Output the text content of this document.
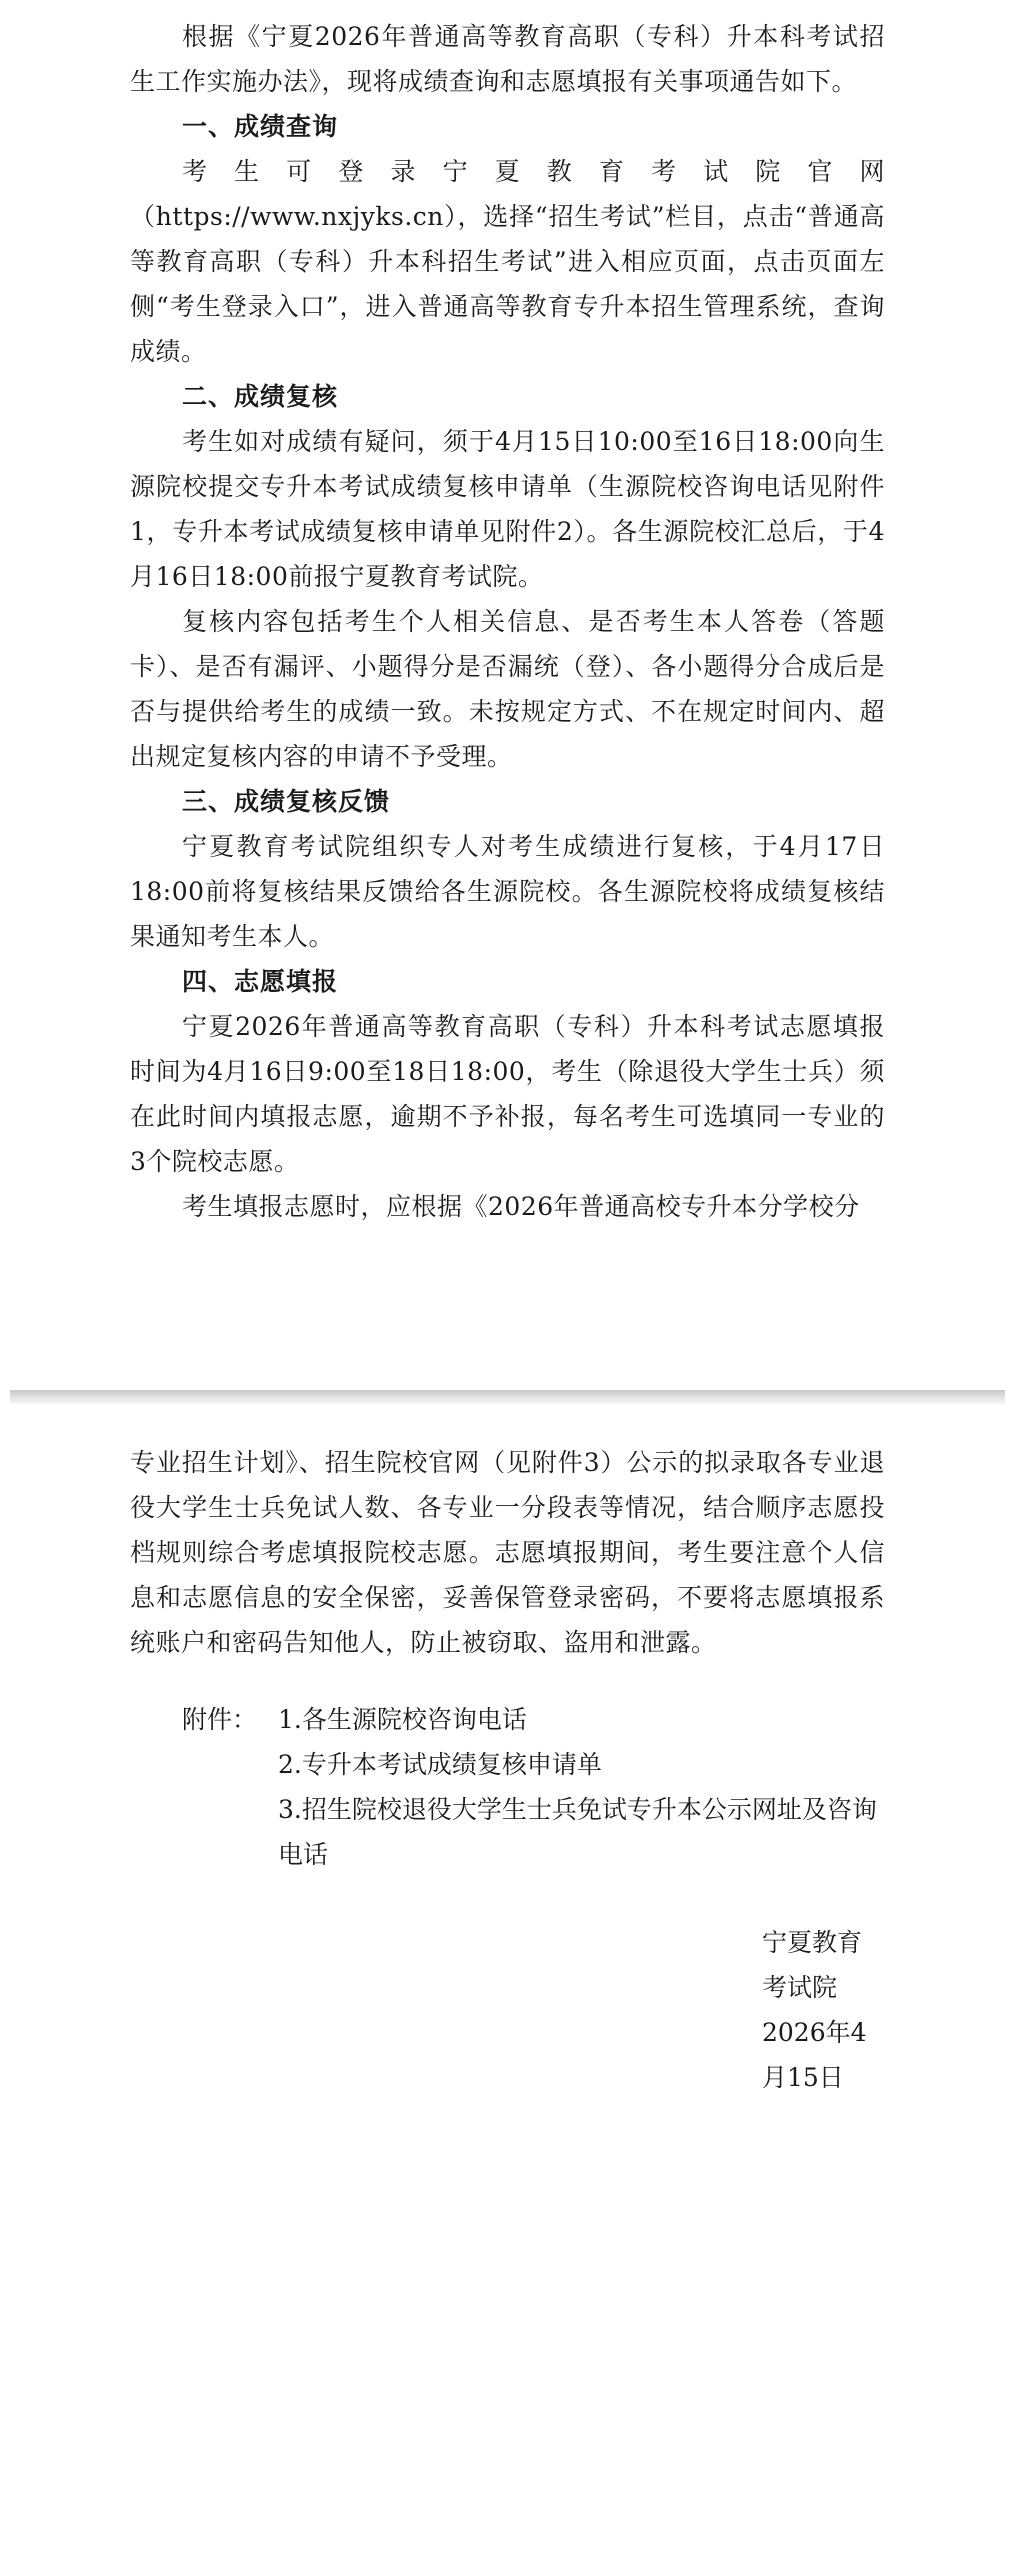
根据《宁夏2026年普通高等教育高职（专科）升本科考试招生工作实施办法》，现将成绩查询和志愿填报有关事项通告如下。

一、成绩查询

考生可登录宁夏教育考试院官网（https://www.nxjyks.cn），选择“招生考试”栏目，点击“普通高等教育高职（专科）升本科招生考试”进入相应页面，点击页面左侧“考生登录入口”，进入普通高等教育专升本招生管理系统，查询成绩。

二、成绩复核

考生如对成绩有疑问，须于4月15日10:00至16日18:00向生源院校提交专升本考试成绩复核申请单（生源院校咨询电话见附件1，专升本考试成绩复核申请单见附件2）。各生源院校汇总后，于4月16日18:00前报宁夏教育考试院。

复核内容包括考生个人相关信息、是否考生本人答卷（答题卡）、是否有漏评、小题得分是否漏统（登）、各小题得分合成后是否与提供给考生的成绩一致。未按规定方式、不在规定时间内、超出规定复核内容的申请不予受理。

三、成绩复核反馈

宁夏教育考试院组织专人对考生成绩进行复核，于4月17日18:00前将复核结果反馈给各生源院校。各生源院校将成绩复核结果通知考生本人。

四、志愿填报

宁夏2026年普通高等教育高职（专科）升本科考试志愿填报时间为4月16日9:00至18日18:00，考生（除退役大学生士兵）须在此时间内填报志愿，逾期不予补报，每名考生可选填同一专业的3个院校志愿。

考生填报志愿时，应根据《2026年普通高校专升本分学校分

专业招生计划》、招生院校官网（见附件3）公示的拟录取各专业退役大学生士兵免试人数、各专业一分段表等情况，结合顺序志愿投档规则综合考虑填报院校志愿。志愿填报期间，考生要注意个人信息和志愿信息的安全保密，妥善保管登录密码，不要将志愿填报系统账户和密码告知他人，防止被窃取、盗用和泄露。

附件： 1.各生源院校咨询电话
2.专升本考试成绩复核申请单
3.招生院校退役大学生士兵免试专升本公示网址及咨询电话
宁夏教育考试院
2026年4月15日
